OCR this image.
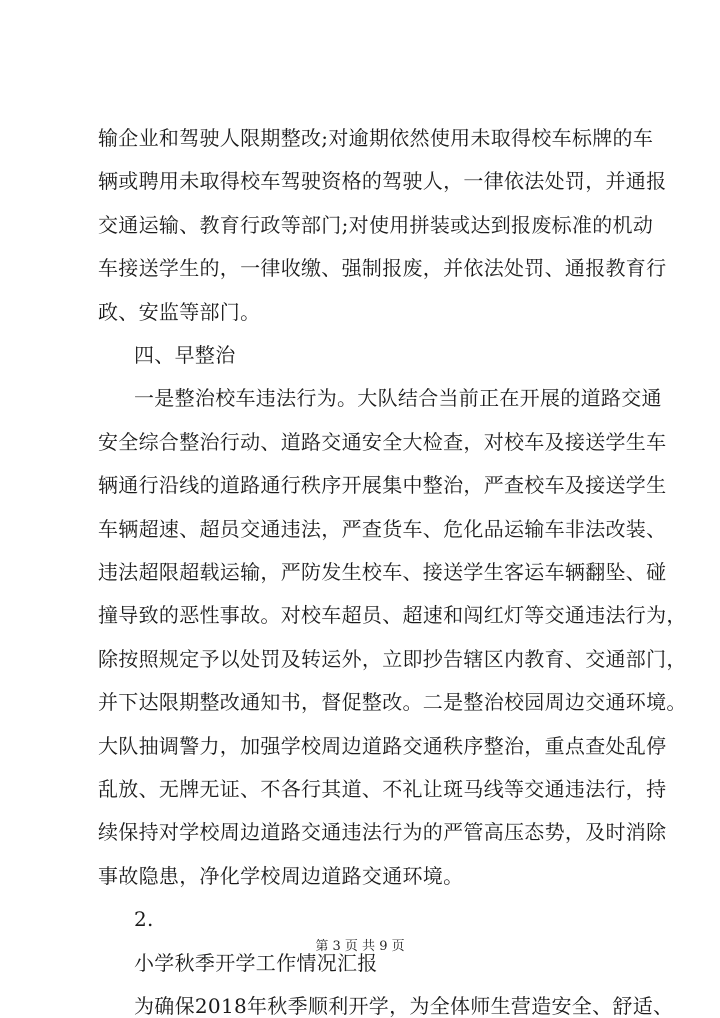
输企业和驾驶人限期整改;对逾期依然使用未取得校车标牌的车
辆或聘用未取得校车驾驶资格的驾驶人，一律依法处罚，并通报
交通运输、教育行政等部门;对使用拼装或达到报废标准的机动
车接送学生的，一律收缴、强制报废，并依法处罚、通报教育行
政、安监等部门。
四、早整治
一是整治校车违法行为。大队结合当前正在开展的道路交通
安全综合整治行动、道路交通安全大检查，对校车及接送学生车
辆通行沿线的道路通行秩序开展集中整治，严查校车及接送学生
车辆超速、超员交通违法，严查货车、危化品运输车非法改装、
违法超限超载运输，严防发生校车、接送学生客运车辆翻坠、碰
撞导致的恶性事故。对校车超员、超速和闯红灯等交通违法行为，
除按照规定予以处罚及转运外，立即抄告辖区内教育、交通部门，
并下达限期整改通知书，督促整改。二是整治校园周边交通环境。
大队抽调警力，加强学校周边道路交通秩序整治，重点查处乱停
乱放、无牌无证、不各行其道、不礼让斑马线等交通违法行，持
续保持对学校周边道路交通违法行为的严管高压态势，及时消除
事故隐患，净化学校周边道路交通环境。
2.
小学秋季开学工作情况汇报
为确保2018年秋季顺利开学，为全体师生营造安全、舒适、
第 3 页 共 9 页
